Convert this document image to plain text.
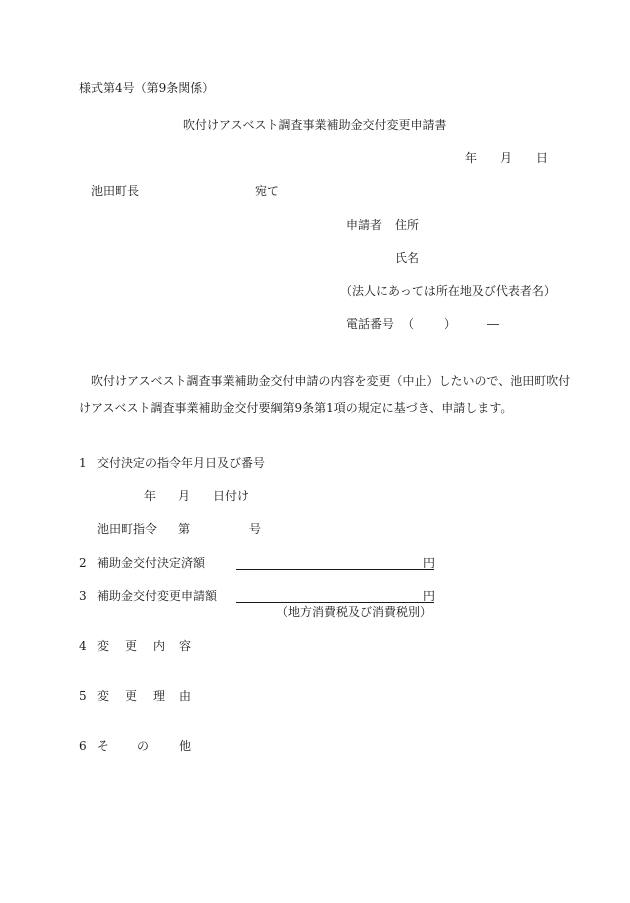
様式第4号（第9条関係）
吹付けアスベスト調査事業補助金交付変更申請書
年 月 日
池田町長	宛て
申請者 住所
氏名
（法人にあっては所在地及び代表者名）
電話番号 （ ）	―
吹付けアスベスト調査事業補助金交付申請の内容を変更（中止）したいので、池田町吹付
けアスベスト調査事業補助金交付要綱第9条第1項の規定に基づき、申請します。
1 交付決定の指令年月日及び番号
年 月 日付け
池田町指令 第	号
2 補助金交付決定済額	円
3 補助金交付変更申請額	円
（地方消費税及び消費税別）
4 変 更 内 容
5 変 更 理 由
6 そ の 他
